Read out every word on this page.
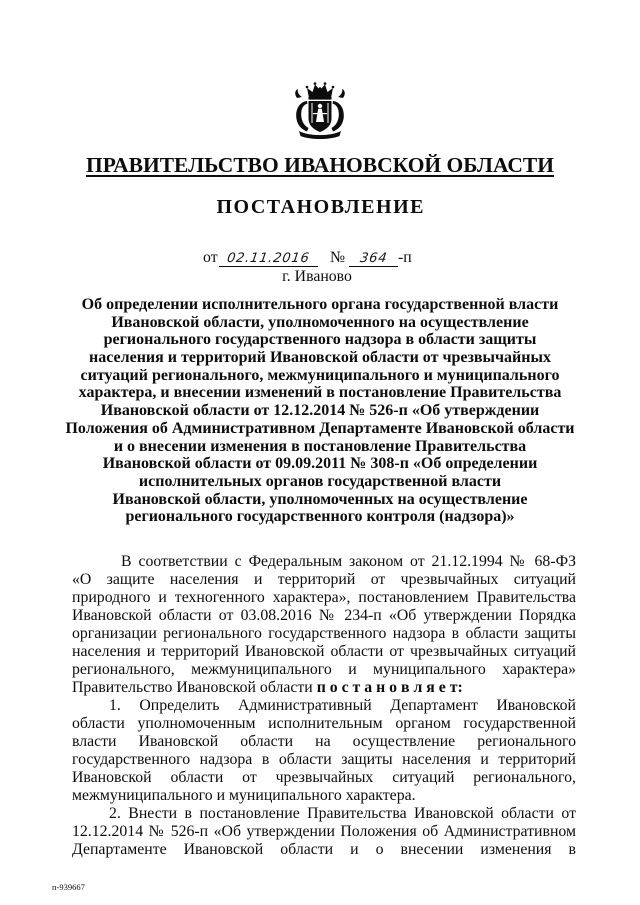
ПРАВИТЕЛЬСТВО ИВАНОВСКОЙ ОБЛАСТИ
ПОСТАНОВЛЕНИЕ
от 02.11.2016	№	364 -п
г. Иваново
Об определении исполнительного органа государственной власти
Ивановской области, уполномоченного на осуществление
регионального государственного надзора в области защиты
населения и территорий Ивановской области от чрезвычайных
ситуаций регионального, межмуниципального и муниципального
характера, и внесении изменений в постановление Правительства
Ивановской области от 12.12.2014 № 526-п «Об утверждении
Положения об Административном Департаменте Ивановской области
и о внесении изменения в постановление Правительства
Ивановской области от 09.09.2011 № 308-п «Об определении
исполнительных органов государственной власти
Ивановской области, уполномоченных на осуществление
регионального государственного контроля (надзора)»
В соответствии с Федеральным законом от 21.12.1994 № 68-ФЗ
«О защите населения и территорий от чрезвычайных ситуаций
природного и техногенного характера», постановлением Правительства
Ивановской области от 03.08.2016 № 234-п «Об утверждении Порядка
организации регионального государственного надзора в области защиты
населения и территорий Ивановской области от чрезвычайных ситуаций
регионального, межмуниципального и муниципального характера»
Правительство Ивановской области п о с т а н о в л я е т:
1. Определить Административный Департамент Ивановской
области уполномоченным исполнительным органом государственной
власти Ивановской области на осуществление регионального
государственного надзора в области защиты населения и территорий
Ивановской области от чрезвычайных ситуаций регионального,
межмуниципального и муниципального характера.
2. Внести в постановление Правительства Ивановской области от
12.12.2014 № 526-п «Об утверждении Положения об Административном
Департаменте Ивановской области и о внесении изменения в
п-939667
